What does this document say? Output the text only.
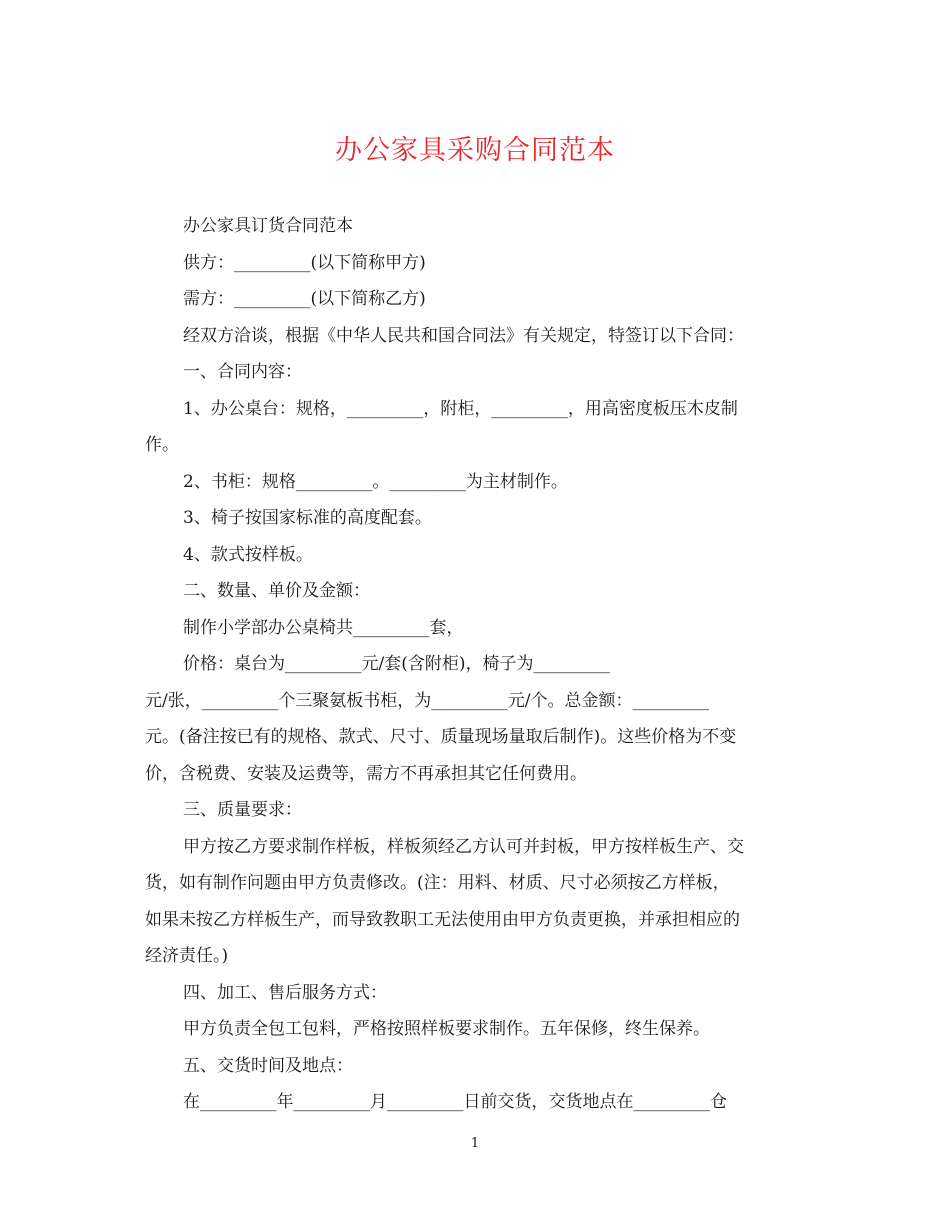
办公家具采购合同范本
办公家具订货合同范本
供方：_________(以下简称甲方)
需方：_________(以下简称乙方)
经双方洽谈，根据《中华人民共和国合同法》有关规定，特签订以下合同：
一、合同内容：
1、办公桌台：规格，_________，附柜，_________，用高密度板压木皮制
作。
2、书柜：规格_________。_________为主材制作。
3、椅子按国家标准的高度配套。
4、款式按样板。
二、数量、单价及金额：
制作小学部办公桌椅共_________套，
价格：桌台为_________元/套(含附柜)，椅子为_________
元/张，_________个三聚氨板书柜，为_________元/个。总金额：_________
元。(备注按已有的规格、款式、尺寸、质量现场量取后制作)。这些价格为不变
价，含税费、安装及运费等，需方不再承担其它任何费用。
三、质量要求：
甲方按乙方要求制作样板，样板须经乙方认可并封板，甲方按样板生产、交
货，如有制作问题由甲方负责修改。(注：用料、材质、尺寸必须按乙方样板，
如果未按乙方样板生产，而导致教职工无法使用由甲方负责更换，并承担相应的
经济责任。)
四、加工、售后服务方式：
甲方负责全包工包料，严格按照样板要求制作。五年保修，终生保养。
五、交货时间及地点：
在_________年_________月_________日前交货，交货地点在_________仓
1
